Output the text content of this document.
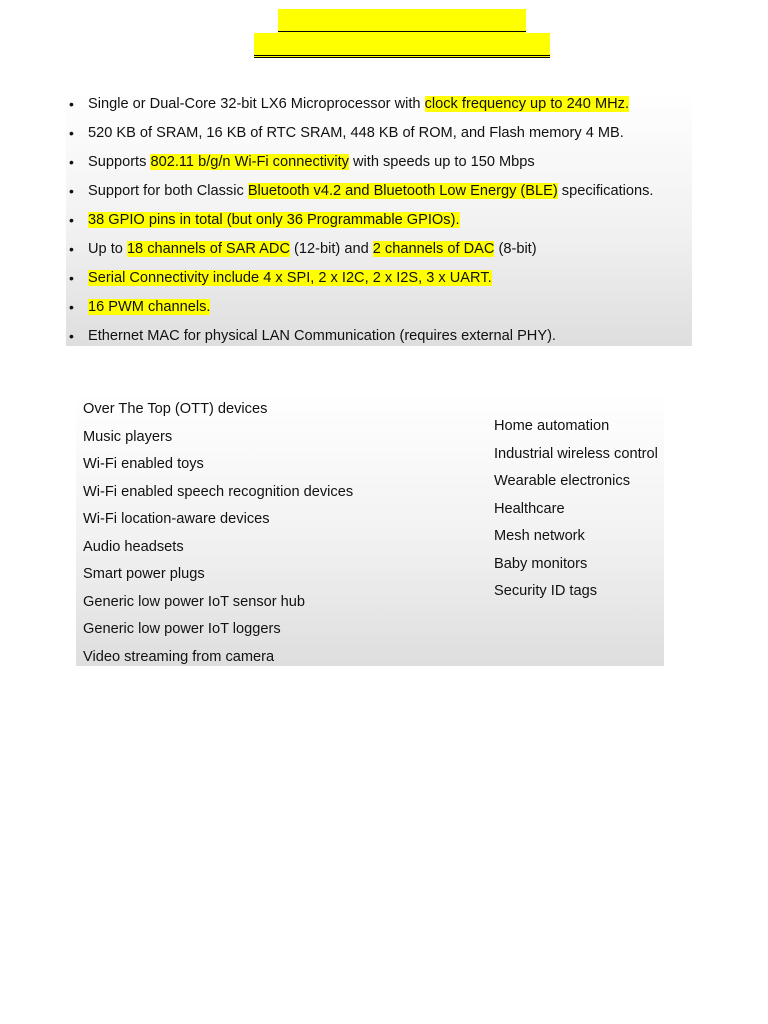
• Single or Dual-Core 32-bit LX6 Microprocessor with clock frequency up to 240 MHz.
• 520 KB of SRAM, 16 KB of RTC SRAM, 448 KB of ROM, and Flash memory 4 MB.
• Supports 802.11 b/g/n Wi-Fi connectivity with speeds up to 150 Mbps
• Support for both Classic Bluetooth v4.2 and Bluetooth Low Energy (BLE) specifications.
• 38 GPIO pins in total (but only 36 Programmable GPIOs).
• Up to 18 channels of SAR ADC (12-bit) and 2 channels of DAC (8-bit)
• Serial Connectivity include 4 x SPI, 2 x I2C, 2 x I2S, 3 x UART.
• 16 PWM channels.
• Ethernet MAC for physical LAN Communication (requires external PHY).
Over The Top (OTT) devices
Music players
Wi-Fi enabled toys
Wi-Fi enabled speech recognition devices
Wi-Fi location-aware devices
Audio headsets
Smart power plugs
Generic low power IoT sensor hub
Generic low power IoT loggers
Video streaming from camera
Home automation
Industrial wireless control
Wearable electronics
Healthcare
Mesh network
Baby monitors
Security ID tags
